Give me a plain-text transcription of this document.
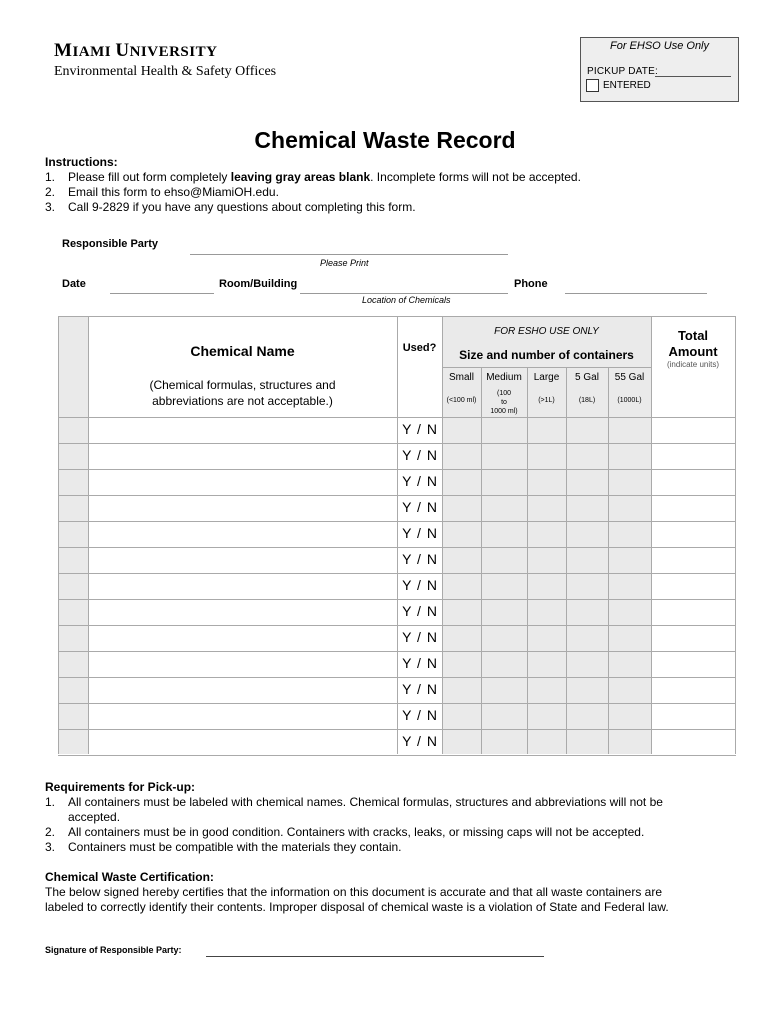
MIAMI UNIVERSITY
Environmental Health & Safety Offices
For EHSO Use Only
PICKUP DATE:
ENTERED
Chemical Waste Record
Instructions:
1. Please fill out form completely leaving gray areas blank. Incomplete forms will not be accepted.
2. Email this form to ehso@MiamiOH.edu.
3. Call 9-2829 if you have any questions about completing this form.
Responsible Party
Please Print
Date	Room/Building
Location of Chemicals
Phone
Chemical Name
(Chemical formulas, structures and
abbreviations are not acceptable.)
Used?
FOR ESHO USE ONLY
Size and number of containers
Total
Amount
(indicate units)
Small
(<100 ml)
Medium
(100
to
1000 ml)
Large
(>1L)
5 Gal
(18L)
55 Gal
(1000L)
Y / N
Y / N
Y / N
Y / N
Y / N
Y / N
Y / N
Y / N
Y / N
Y / N
Y / N
Y / N
Y / N
Requirements for Pick-up:
1. All containers must be labeled with chemical names. Chemical formulas, structures and abbreviations will not be
accepted.
2. All containers must be in good condition. Containers with cracks, leaks, or missing caps will not be accepted.
3. Containers must be compatible with the materials they contain.
Chemical Waste Certification:
The below signed hereby certifies that the information on this document is accurate and that all waste containers are
labeled to correctly identify their contents. Improper disposal of chemical waste is a violation of State and Federal law.
Signature of Responsible Party:
